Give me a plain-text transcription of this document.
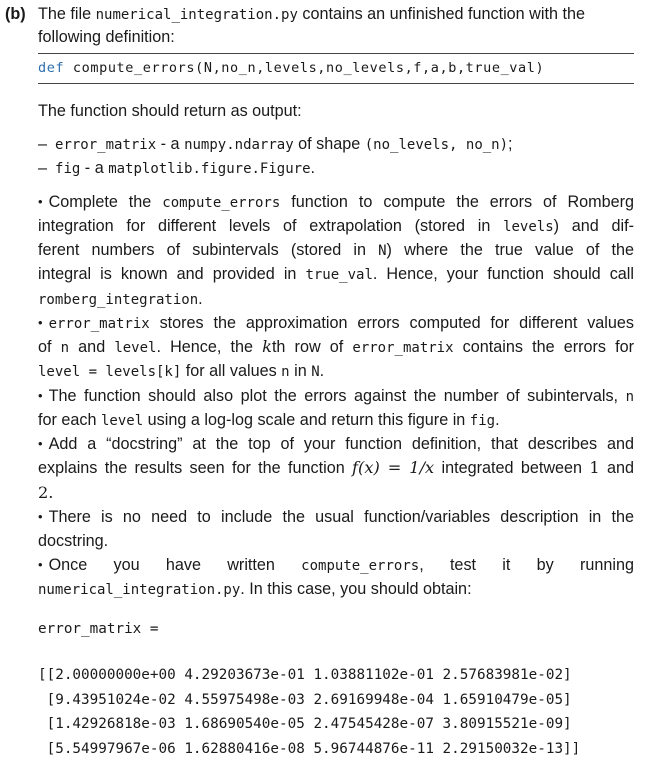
(b) The file numerical_integration.py contains an unfinished function with the
following definition:
def compute_errors(N,no_n,levels,no_levels,f,a,b,true_val)
The function should return as output:
– error_matrix - a numpy.ndarray of shape (no_levels, no_n);
– fig - a matplotlib.figure.Figure.
• Complete the compute_errors function to compute the errors of Romberg
integration for different levels of extrapolation (stored in levels) and dif-
ferent numbers of subintervals (stored in N) where the true value of the
integral is known and provided in true_val. Hence, your function should call
romberg_integration.
• error_matrix stores the approximation errors computed for different values
of n and level. Hence, the kth row of error_matrix contains the errors for
level = levels[k] for all values n in N.
• The function should also plot the errors against the number of subintervals, n
for each level using a log-log scale and return this figure in fig.
• Add a “docstring” at the top of your function definition, that describes and
explains the results seen for the function f(x) = 1/x integrated between 1 and
2.
• There is no need to include the usual function/variables description in the
docstring.
• Once you have written compute_errors, test it by running
numerical_integration.py. In this case, you should obtain:
error_matrix =
[[2.00000000e+00 4.29203673e-01 1.03881102e-01 2.57683981e-02]
[9.43951024e-02 4.55975498e-03 2.69169948e-04 1.65910479e-05]
[1.42926818e-03 1.68690540e-05 2.47545428e-07 3.80915521e-09]
[5.54997967e-06 1.62880416e-08 5.96744876e-11 2.29150032e-13]]
